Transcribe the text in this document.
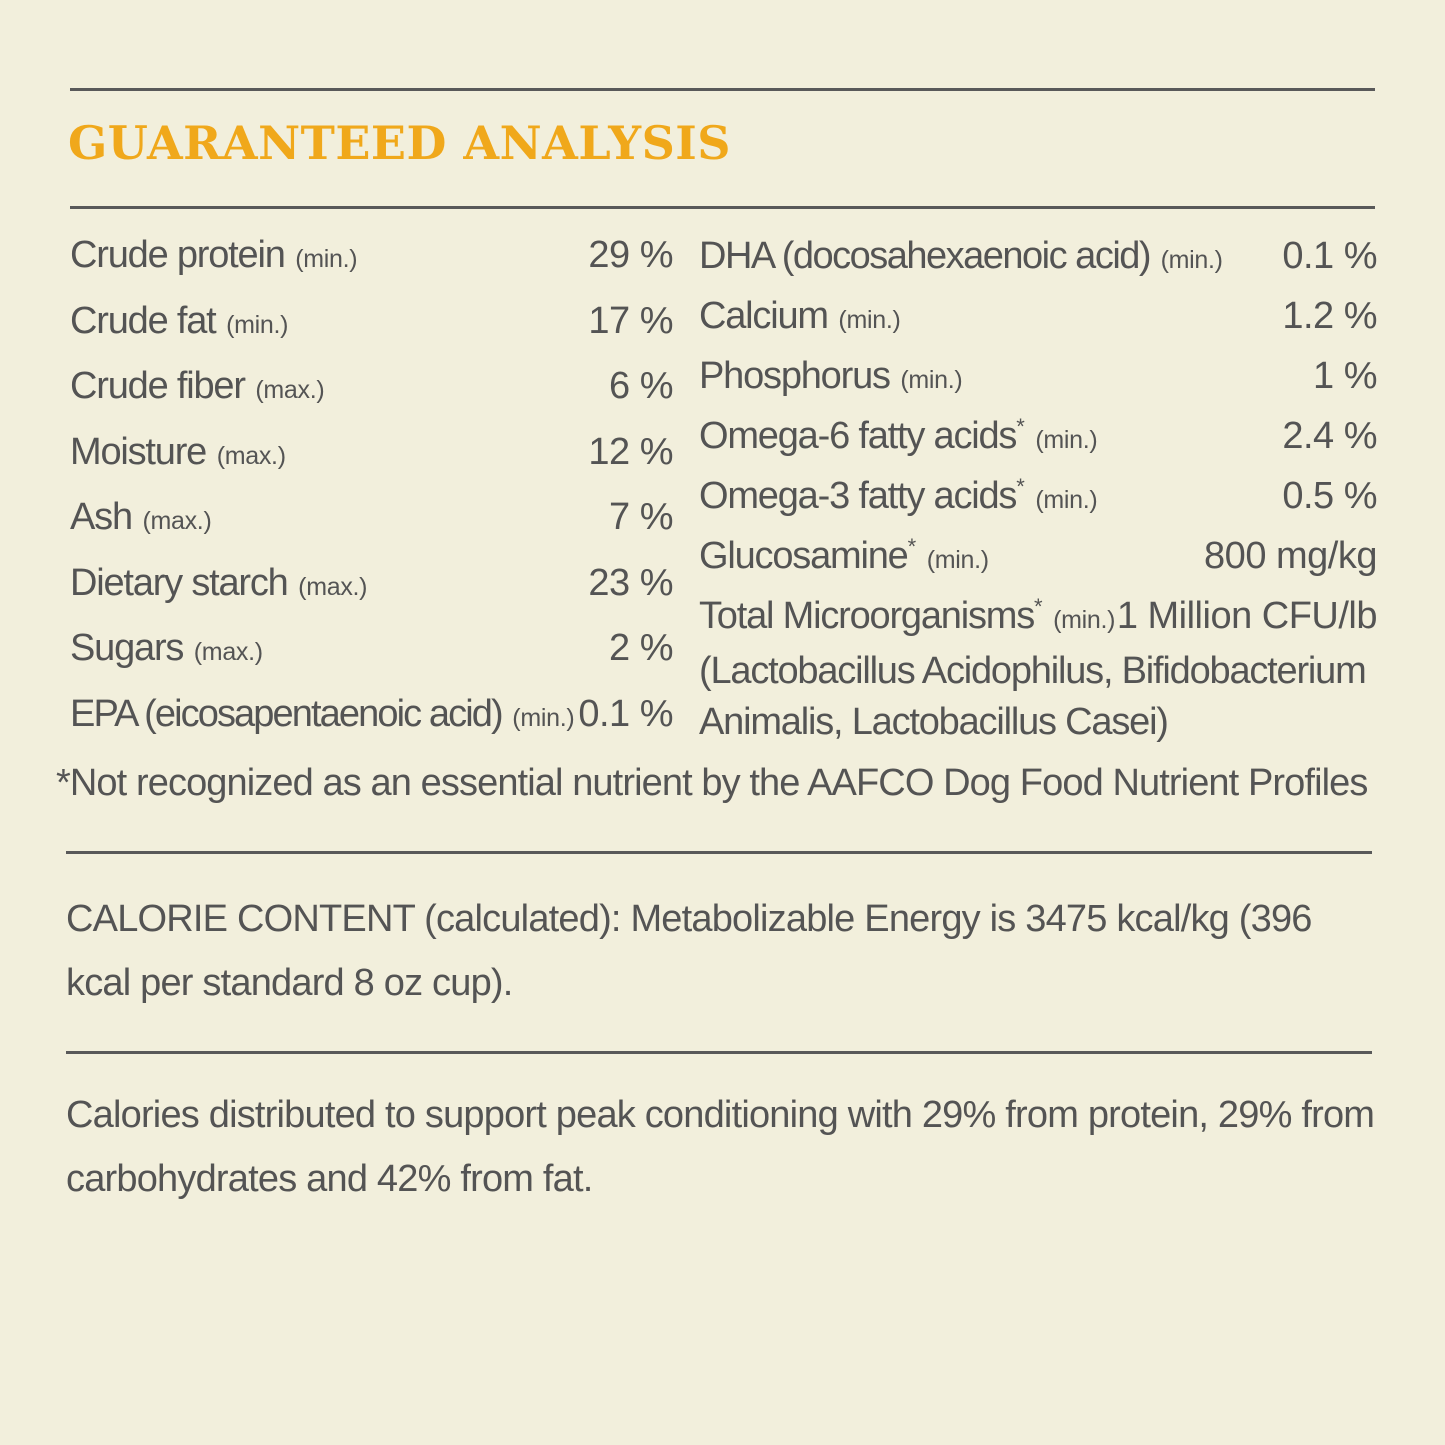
GUARANTEED ANALYSIS
Crude protein (min.)	29 %
Crude fat (min.)	17 %
Crude fiber (max.)	6 %
Moisture (max.)	12 %
Ash (max.)	7 %
Dietary starch (max.)	23 %
Sugars (max.)	2 %
EPA (eicosapentaenoic acid) (min.) 0.1 %
DHA (docosahexaenoic acid) (min.) 0.1 %
Calcium (min.)	1.2 %
Phosphorus (min.)	1 %
Omega-6 fatty acids* (min.)	2.4 %
Omega-3 fatty acids* (min.)	0.5 %
Glucosamine* (min.)	800 mg/kg
Total Microorganisms* (min.) 1 Million CFU/lb
(Lactobacillus Acidophilus, Bifidobacterium
Animalis, Lactobacillus Casei)
*Not recognized as an essential nutrient by the AAFCO Dog Food Nutrient Profiles
CALORIE CONTENT (calculated): Metabolizable Energy is 3475 kcal/kg (396 kcal per standard 8 oz cup).
Calories distributed to support peak conditioning with 29% from protein, 29% from carbohydrates and 42% from fat.
